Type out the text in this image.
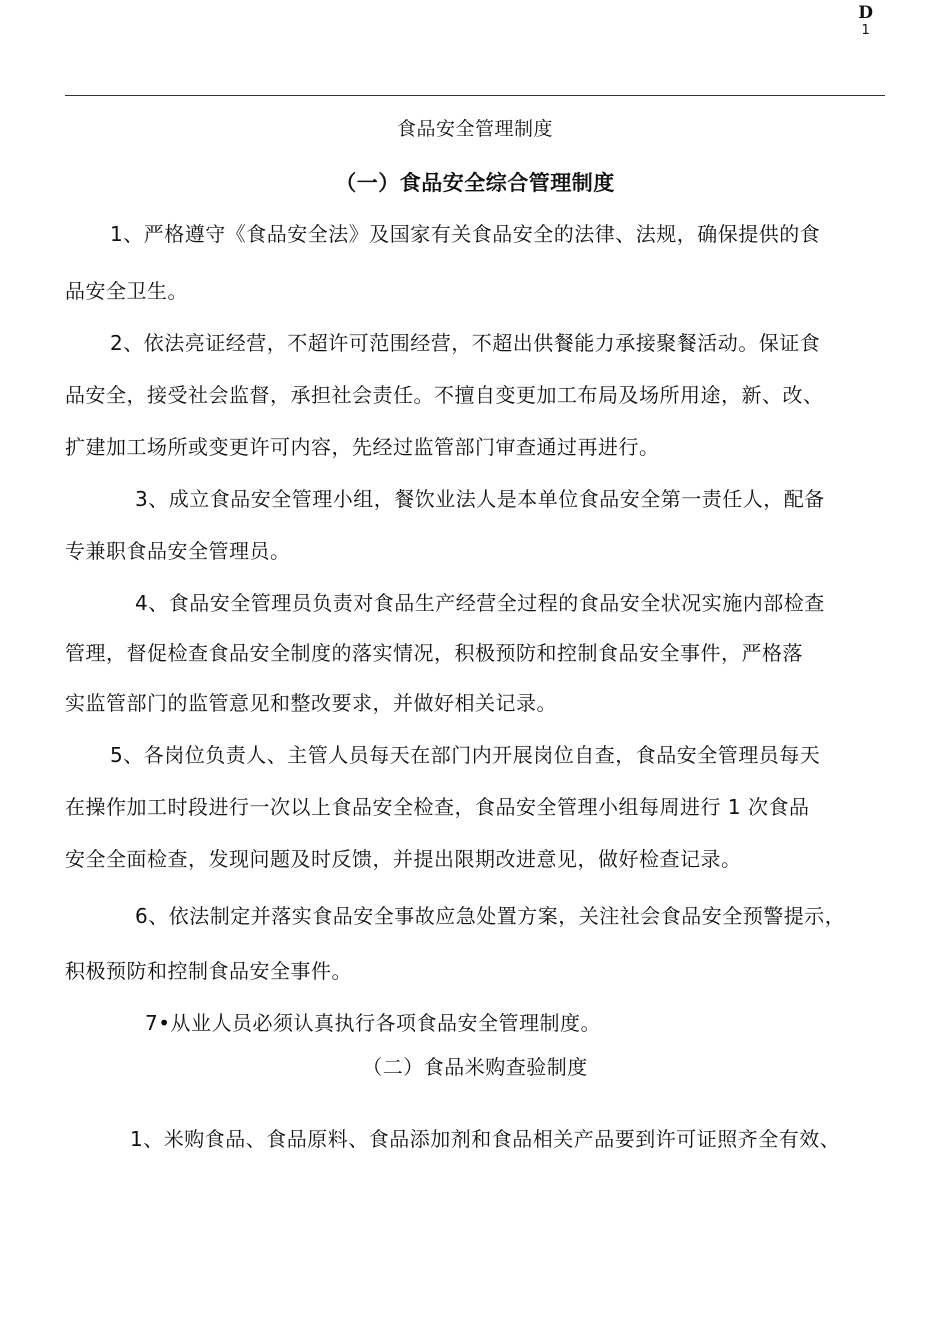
D
1
食品安全管理制度
（一）食品安全综合管理制度
1、严格遵守《食品安全法》及国家有关食品安全的法律、法规，确保提供的食
品安全卫生。
2、依法亮证经营，不超许可范围经营，不超出供餐能力承接聚餐活动。保证食
品安全，接受社会监督，承担社会责任。不擅自变更加工布局及场所用途，新、改、
扩建加工场所或变更许可内容，先经过监管部门审查通过再进行。
3、成立食品安全管理小组，餐饮业法人是本单位食品安全第一责任人，配备
专兼职食品安全管理员。
4、食品安全管理员负责对食品生产经营全过程的食品安全状况实施内部检查
管理，督促检查食品安全制度的落实情况，积极预防和控制食品安全事件，严格落
实监管部门的监管意见和整改要求，并做好相关记录。
5、各岗位负责人、主管人员每天在部门内开展岗位自查，食品安全管理员每天
在操作加工时段进行一次以上食品安全检查，食品安全管理小组每周进行 1 次食品
安全全面检查，发现问题及时反馈，并提出限期改进意见，做好检查记录。
6、依法制定并落实食品安全事故应急处置方案，关注社会食品安全预警提示，
积极预防和控制食品安全事件。
7•从业人员必须认真执行各项食品安全管理制度。
（二）食品米购查验制度
1、米购食品、食品原料、食品添加剂和食品相关产品要到许可证照齐全有效、
